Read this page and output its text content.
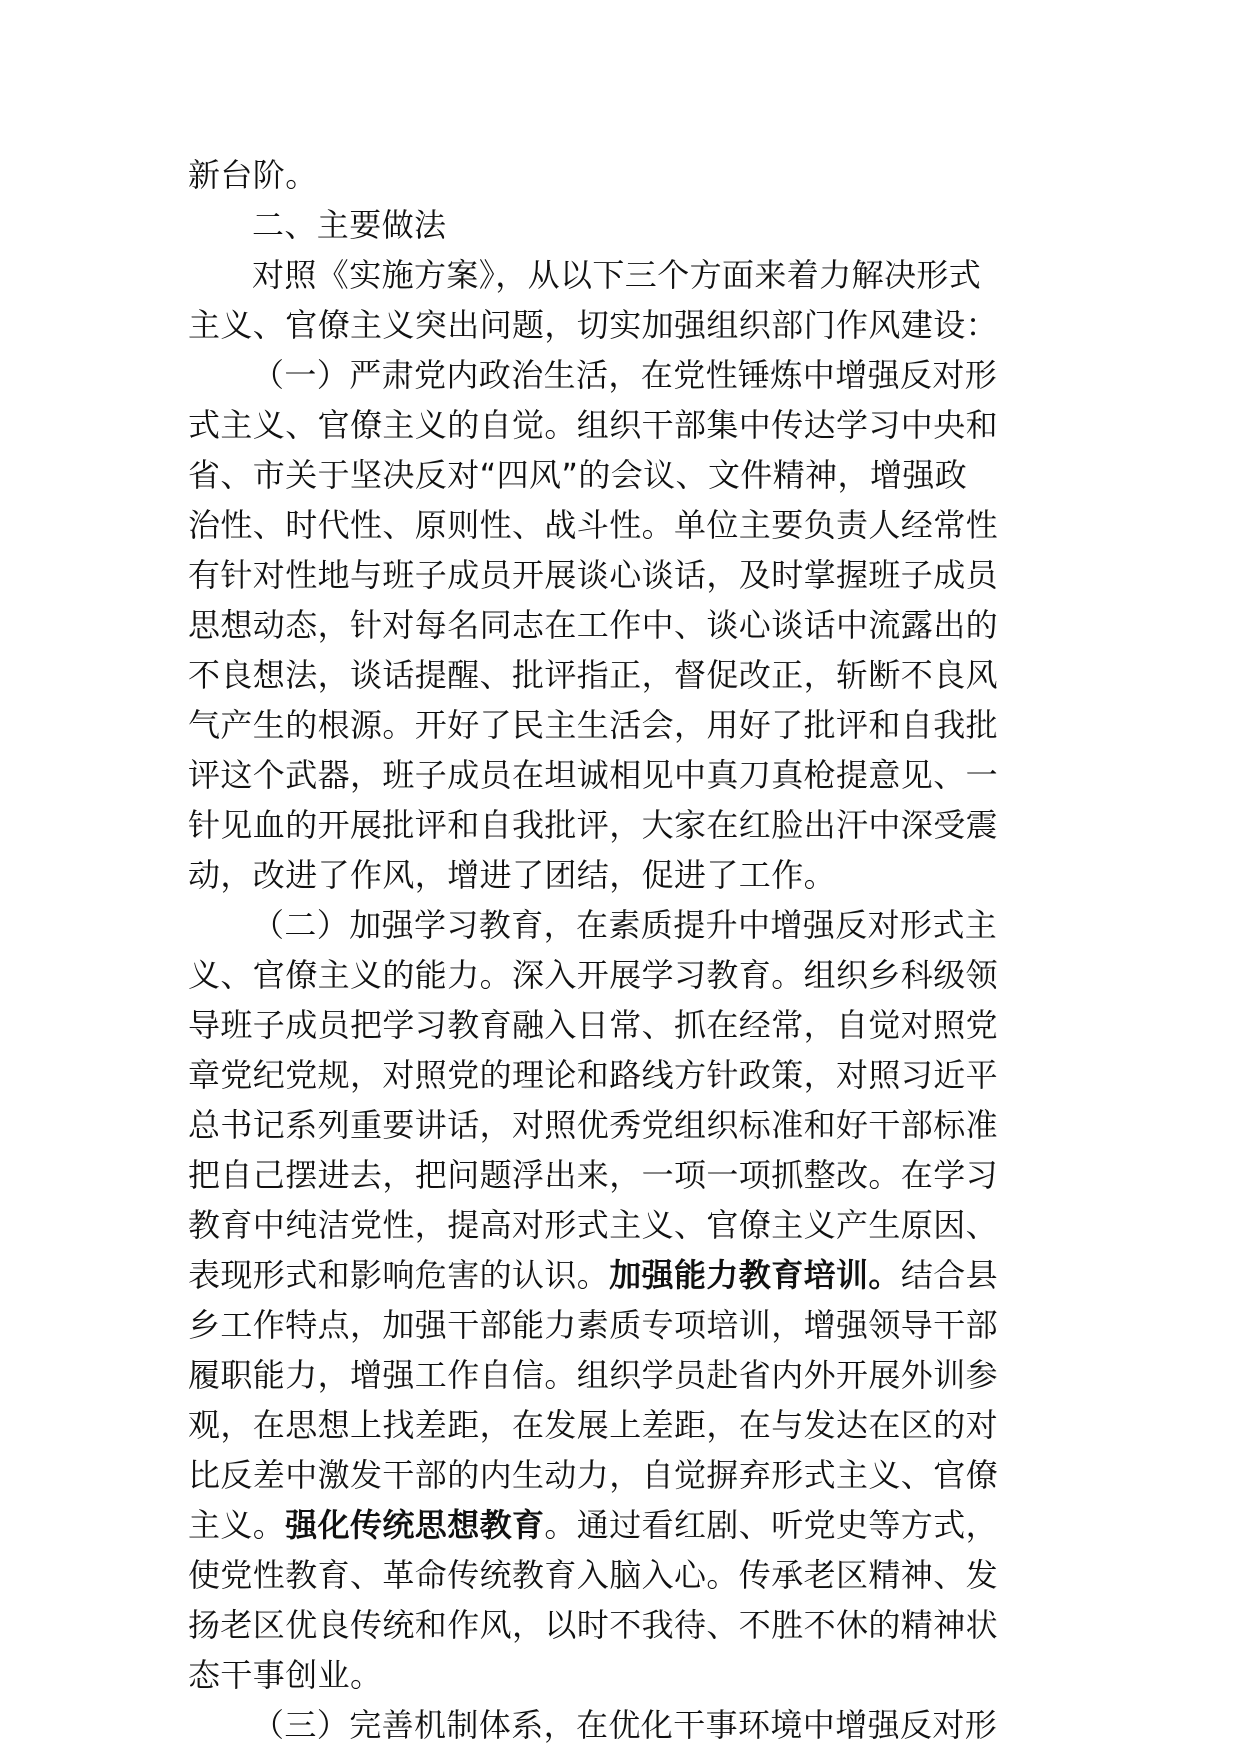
新台阶。
二、主要做法
对照《实施方案》，从以下三个方面来着力解决形式
主义、官僚主义突出问题，切实加强组织部门作风建设：
（一）严肃党内政治生活，在党性锤炼中增强反对形
式主义、官僚主义的自觉。组织干部集中传达学习中央和
省、市关于坚决反对“四风”的会议、文件精神，增强政
治性、时代性、原则性、战斗性。单位主要负责人经常性
有针对性地与班子成员开展谈心谈话，及时掌握班子成员
思想动态，针对每名同志在工作中、谈心谈话中流露出的
不良想法，谈话提醒、批评指正，督促改正，斩断不良风
气产生的根源。开好了民主生活会，用好了批评和自我批
评这个武器，班子成员在坦诚相见中真刀真枪提意见、一
针见血的开展批评和自我批评，大家在红脸出汗中深受震
动，改进了作风，增进了团结，促进了工作。
（二）加强学习教育，在素质提升中增强反对形式主
义、官僚主义的能力。深入开展学习教育。组织乡科级领
导班子成员把学习教育融入日常、抓在经常，自觉对照党
章党纪党规，对照党的理论和路线方针政策，对照习近平
总书记系列重要讲话，对照优秀党组织标准和好干部标准
把自己摆进去，把问题浮出来，一项一项抓整改。在学习
教育中纯洁党性，提高对形式主义、官僚主义产生原因、
表现形式和影响危害的认识。加强能力教育培训。结合县
乡工作特点，加强干部能力素质专项培训，增强领导干部
履职能力，增强工作自信。组织学员赴省内外开展外训参
观，在思想上找差距，在发展上差距，在与发达在区的对
比反差中激发干部的内生动力，自觉摒弃形式主义、官僚
主义。强化传统思想教育。通过看红剧、听党史等方式，
使党性教育、革命传统教育入脑入心。传承老区精神、发
扬老区优良传统和作风，以时不我待、不胜不休的精神状
态干事创业。
（三）完善机制体系，在优化干事环境中增强反对形
